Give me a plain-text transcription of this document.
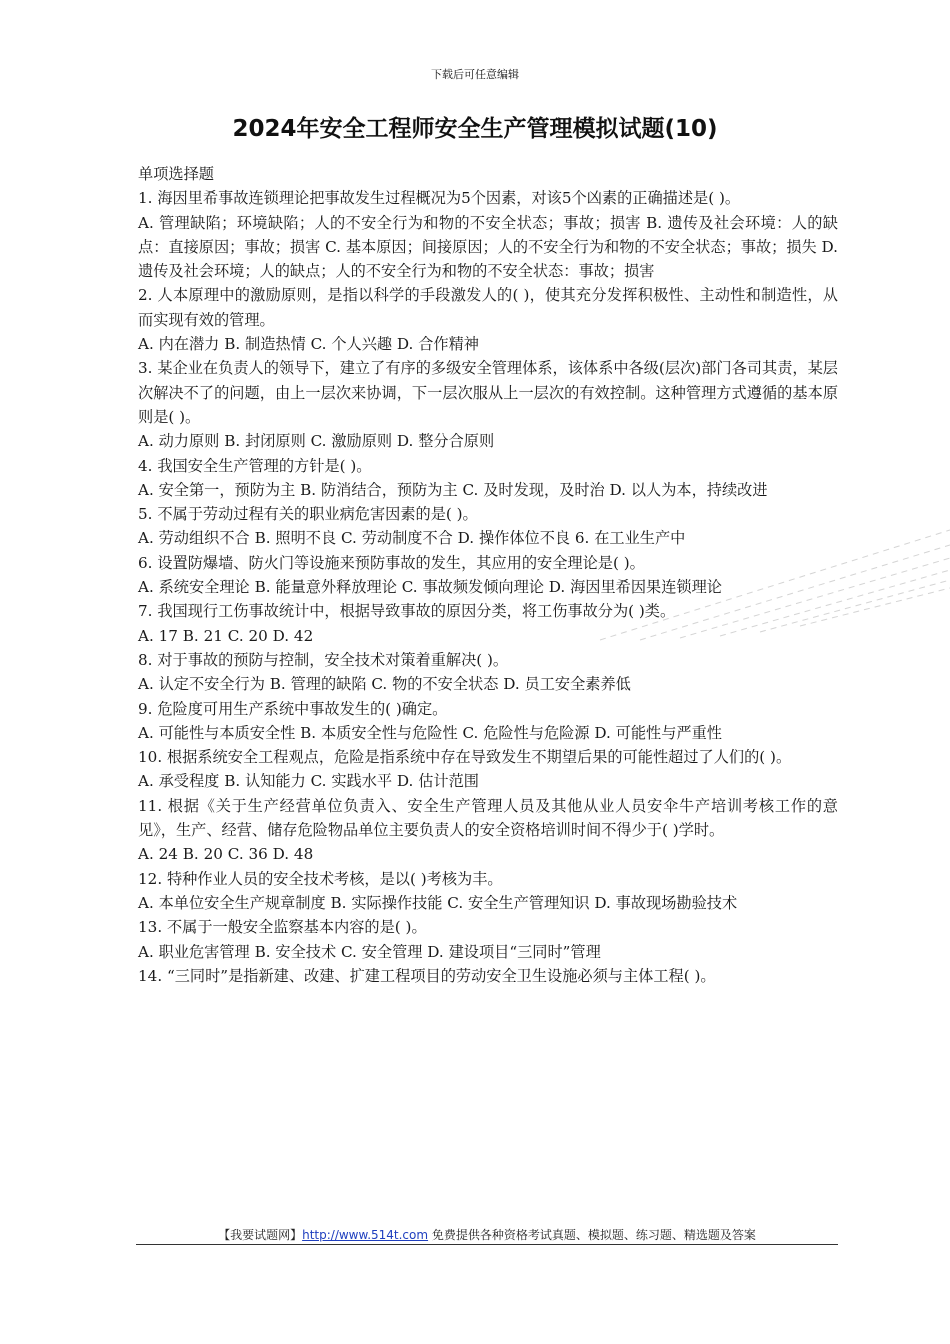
下载后可任意编辑
2024年安全工程师安全生产管理模拟试题(10)

单项选择题

1. 海因里希事故连锁理论把事故发生过程概况为5个因素，对该5个凶素的正确描述是( )。

A. 管理缺陷；环境缺陷；人的不安全行为和物的不安全状态；事故；损害 B. 遗传及社会环境：人的缺点：直接原因；事故；损害 C. 基本原因；间接原因；人的不安全行为和物的不安全状态；事故；损失 D. 遗传及社会环境；人的缺点；人的不安全行为和物的不安全状态：事故；损害

2. 人本原理中的激励原则，是指以科学的手段激发人的( )，使其充分发挥积极性、主动性和制造性，从而实现有效的管理。

A. 内在潜力 B. 制造热情 C. 个人兴趣 D. 合作精神

3. 某企业在负责人的领导下，建立了有序的多级安全管理体系，该体系中各级(层次)部门各司其责，某层次解决不了的问题，由上一层次来协调，下一层次服从上一层次的有效控制。这种管理方式遵循的基本原则是( )。

A. 动力原则 B. 封闭原则 C. 激励原则 D. 整分合原则

4. 我国安全生产管理的方针是( )。

A. 安全第一，预防为主 B. 防消结合，预防为主 C. 及时发现，及时治 D. 以人为本，持续改进

5. 不属于劳动过程有关的职业病危害因素的是( )。

A. 劳动组织不合 B. 照明不良 C. 劳动制度不合 D. 操作体位不良 6. 在工业生产中

6. 设置防爆墙、防火门等设施来预防事故的发生，其应用的安全理论是( )。

A. 系统安全理论 B. 能量意外释放理论 C. 事故频发倾向理论 D. 海因里希因果连锁理论

7. 我国现行工伤事故统计中，根据导致事故的原因分类，将工伤事故分为( )类。

A. 17 B. 21 C. 20 D. 42

8. 对于事故的预防与控制，安全技术对策着重解决( )。

A. 认定不安全行为 B. 管理的缺陷 C. 物的不安全状态 D. 员工安全素养低

9. 危险度可用生产系统中事故发生的( )确定。

A. 可能性与本质安全性 B. 本质安全性与危险性 C. 危险性与危险源 D. 可能性与严重性

10. 根据系统安全工程观点，危险是指系统中存在导致发生不期望后果的可能性超过了人们的( )。

A. 承受程度 B. 认知能力 C. 实践水平 D. 估计范围

11. 根据《关于生产经营单位负责入、安全生产管理人员及其他从业人员安伞牛产培训考核工作的意见》，生产、经营、储存危险物品单位主要负责人的安全资格培训时间不得少于( )学时。

A. 24 B. 20 C. 36 D. 48

12. 特种作业人员的安全技术考核，是以( )考核为丰。

A. 本单位安全生产规章制度 B. 实际操作技能 C. 安全生产管理知识 D. 事故现场勘验技术

13. 不属于一般安全监察基本内容的是( )。

A. 职业危害管理 B. 安全技术 C. 安全管理 D. 建设项目“三同时”管理

14. “三同时”是指新建、改建、扩建工程项目的劳动安全卫生设施必须与主体工程( )。

【我要试题网】http://www.514t.com 免费提供各种资格考试真题、模拟题、练习题、精选题及答案
